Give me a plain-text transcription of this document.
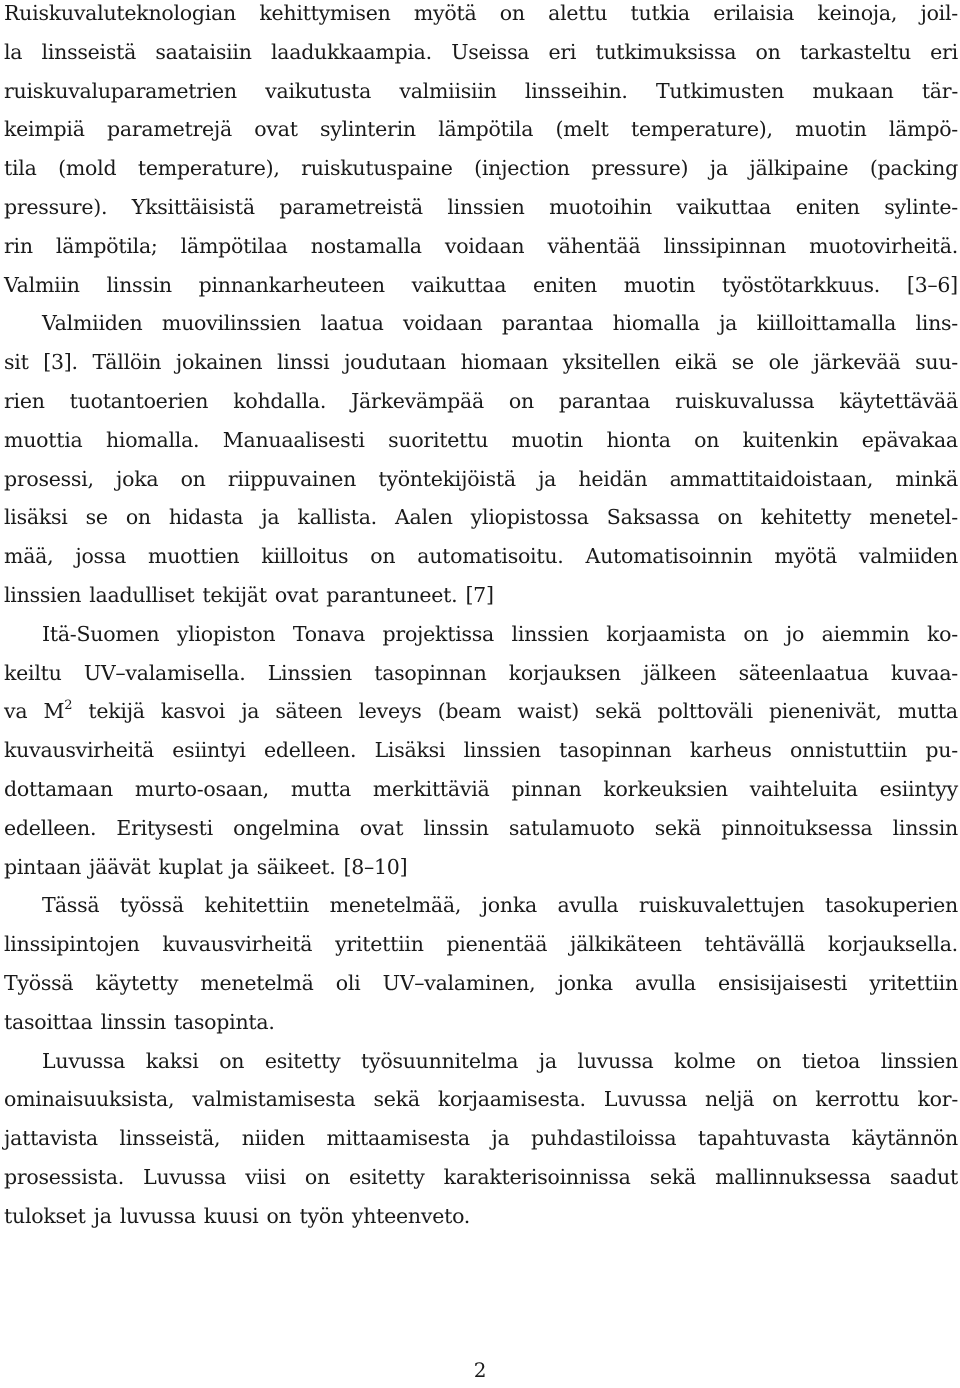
Ruiskuvaluteknologian kehittymisen myötä on alettu tutkia erilaisia keinoja, joil-
la linsseistä saataisiin laadukkaampia. Useissa eri tutkimuksissa on tarkasteltu eri
ruiskuvaluparametrien vaikutusta valmiisiin linsseihin. Tutkimusten mukaan tär-
keimpiä parametrejä ovat sylinterin lämpötila (melt temperature), muotin lämpö-
tila (mold temperature), ruiskutuspaine (injection pressure) ja jälkipaine (packing
pressure). Yksittäisistä parametreistä linssien muotoihin vaikuttaa eniten sylinte-
rin lämpötila; lämpötilaa nostamalla voidaan vähentää linssipinnan muotovirheitä.
Valmiin linssin pinnankarheuteen vaikuttaa eniten muotin työstötarkkuus. [3–6]
Valmiiden muovilinssien laatua voidaan parantaa hiomalla ja kiilloittamalla lins-
sit [3]. Tällöin jokainen linssi joudutaan hiomaan yksitellen eikä se ole järkevää suu-
rien tuotantoerien kohdalla. Järkevämpää on parantaa ruiskuvalussa käytettävää
muottia hiomalla. Manuaalisesti suoritettu muotin hionta on kuitenkin epävakaa
prosessi, joka on riippuvainen työntekijöistä ja heidän ammattitaidoistaan, minkä
lisäksi se on hidasta ja kallista. Aalen yliopistossa Saksassa on kehitetty menetel-
mää, jossa muottien kiilloitus on automatisoitu. Automatisoinnin myötä valmiiden
linssien laadulliset tekijät ovat parantuneet. [7]
Itä-Suomen yliopiston Tonava projektissa linssien korjaamista on jo aiemmin ko-
keiltu UV–valamisella. Linssien tasopinnan korjauksen jälkeen säteenlaatua kuvaa-
va M2 tekijä kasvoi ja säteen leveys (beam waist) sekä polttoväli pienenivät, mutta
kuvausvirheitä esiintyi edelleen. Lisäksi linssien tasopinnan karheus onnistuttiin pu-
dottamaan murto-osaan, mutta merkittäviä pinnan korkeuksien vaihteluita esiintyy
edelleen. Eritysesti ongelmina ovat linssin satulamuoto sekä pinnoituksessa linssin
pintaan jäävät kuplat ja säikeet. [8–10]
Tässä työssä kehitettiin menetelmää, jonka avulla ruiskuvalettujen tasokuperien
linssipintojen kuvausvirheitä yritettiin pienentää jälkikäteen tehtävällä korjauksella.
Työssä käytetty menetelmä oli UV–valaminen, jonka avulla ensisijaisesti yritettiin
tasoittaa linssin tasopinta.
Luvussa kaksi on esitetty työsuunnitelma ja luvussa kolme on tietoa linssien
ominaisuuksista, valmistamisesta sekä korjaamisesta. Luvussa neljä on kerrottu kor-
jattavista linsseistä, niiden mittaamisesta ja puhdastiloissa tapahtuvasta käytännön
prosessista. Luvussa viisi on esitetty karakterisoinnissa sekä mallinnuksessa saadut
tulokset ja luvussa kuusi on työn yhteenveto.
2
